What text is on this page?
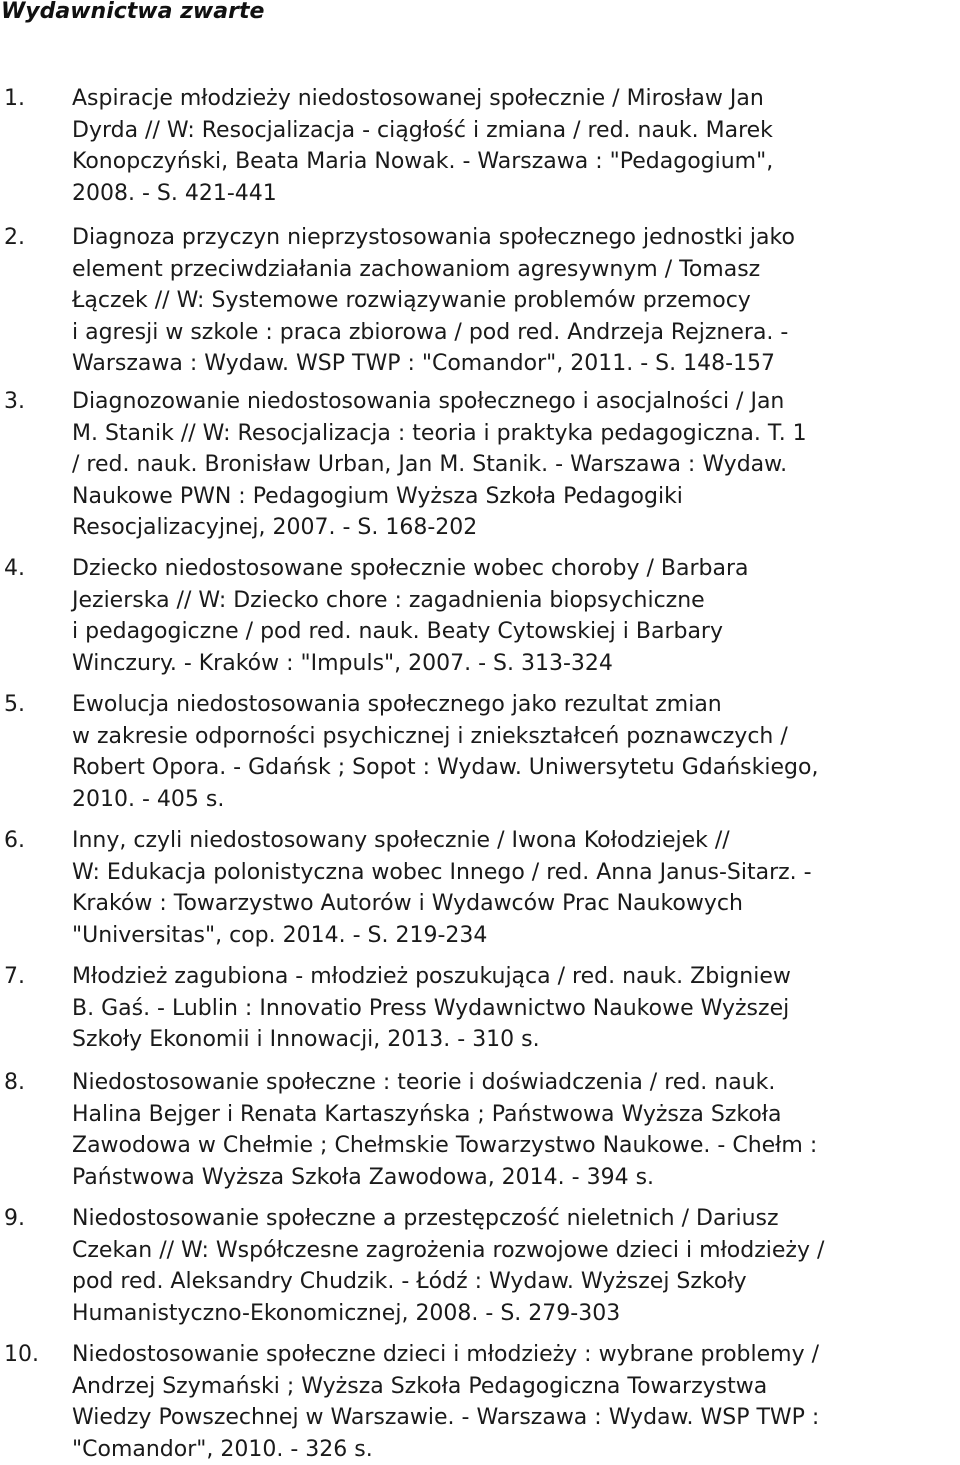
Wydawnictwa zwarte
1. Aspiracje młodzieży niedostosowanej społecznie / Mirosław Jan
Dyrda // W: Resocjalizacja - ciągłość i zmiana / red. nauk. Marek
Konopczyński, Beata Maria Nowak. - Warszawa : "Pedagogium",
2008. - S. 421-441
2. Diagnoza przyczyn nieprzystosowania społecznego jednostki jako
element przeciwdziałania zachowaniom agresywnym / Tomasz
Łączek // W: Systemowe rozwiązywanie problemów przemocy
i agresji w szkole : praca zbiorowa / pod red. Andrzeja Rejznera. -
Warszawa : Wydaw. WSP TWP : "Comandor", 2011. - S. 148-157
3. Diagnozowanie niedostosowania społecznego i asocjalności / Jan
M. Stanik // W: Resocjalizacja : teoria i praktyka pedagogiczna. T. 1
/ red. nauk. Bronisław Urban, Jan M. Stanik. - Warszawa : Wydaw.
Naukowe PWN : Pedagogium Wyższa Szkoła Pedagogiki
Resocjalizacyjnej, 2007. - S. 168-202
4. Dziecko niedostosowane społecznie wobec choroby / Barbara
Jezierska // W: Dziecko chore : zagadnienia biopsychiczne
i pedagogiczne / pod red. nauk. Beaty Cytowskiej i Barbary
Winczury. - Kraków : "Impuls", 2007. - S. 313-324
5. Ewolucja niedostosowania społecznego jako rezultat zmian
w zakresie odporności psychicznej i zniekształceń poznawczych /
Robert Opora. - Gdańsk ; Sopot : Wydaw. Uniwersytetu Gdańskiego,
2010. - 405 s.
6. Inny, czyli niedostosowany społecznie / Iwona Kołodziejek //
W: Edukacja polonistyczna wobec Innego / red. Anna Janus-Sitarz. -
Kraków : Towarzystwo Autorów i Wydawców Prac Naukowych
"Universitas", cop. 2014. - S. 219-234
7. Młodzież zagubiona - młodzież poszukująca / red. nauk. Zbigniew
B. Gaś. - Lublin : Innovatio Press Wydawnictwo Naukowe Wyższej
Szkoły Ekonomii i Innowacji, 2013. - 310 s.
8. Niedostosowanie społeczne : teorie i doświadczenia / red. nauk.
Halina Bejger i Renata Kartaszyńska ; Państwowa Wyższa Szkoła
Zawodowa w Chełmie ; Chełmskie Towarzystwo Naukowe. - Chełm :
Państwowa Wyższa Szkoła Zawodowa, 2014. - 394 s.
9. Niedostosowanie społeczne a przestępczość nieletnich / Dariusz
Czekan // W: Współczesne zagrożenia rozwojowe dzieci i młodzieży /
pod red. Aleksandry Chudzik. - Łódź : Wydaw. Wyższej Szkoły
Humanistyczno-Ekonomicznej, 2008. - S. 279-303
10. Niedostosowanie społeczne dzieci i młodzieży : wybrane problemy /
Andrzej Szymański ; Wyższa Szkoła Pedagogiczna Towarzystwa
Wiedzy Powszechnej w Warszawie. - Warszawa : Wydaw. WSP TWP :
"Comandor", 2010. - 326 s.
